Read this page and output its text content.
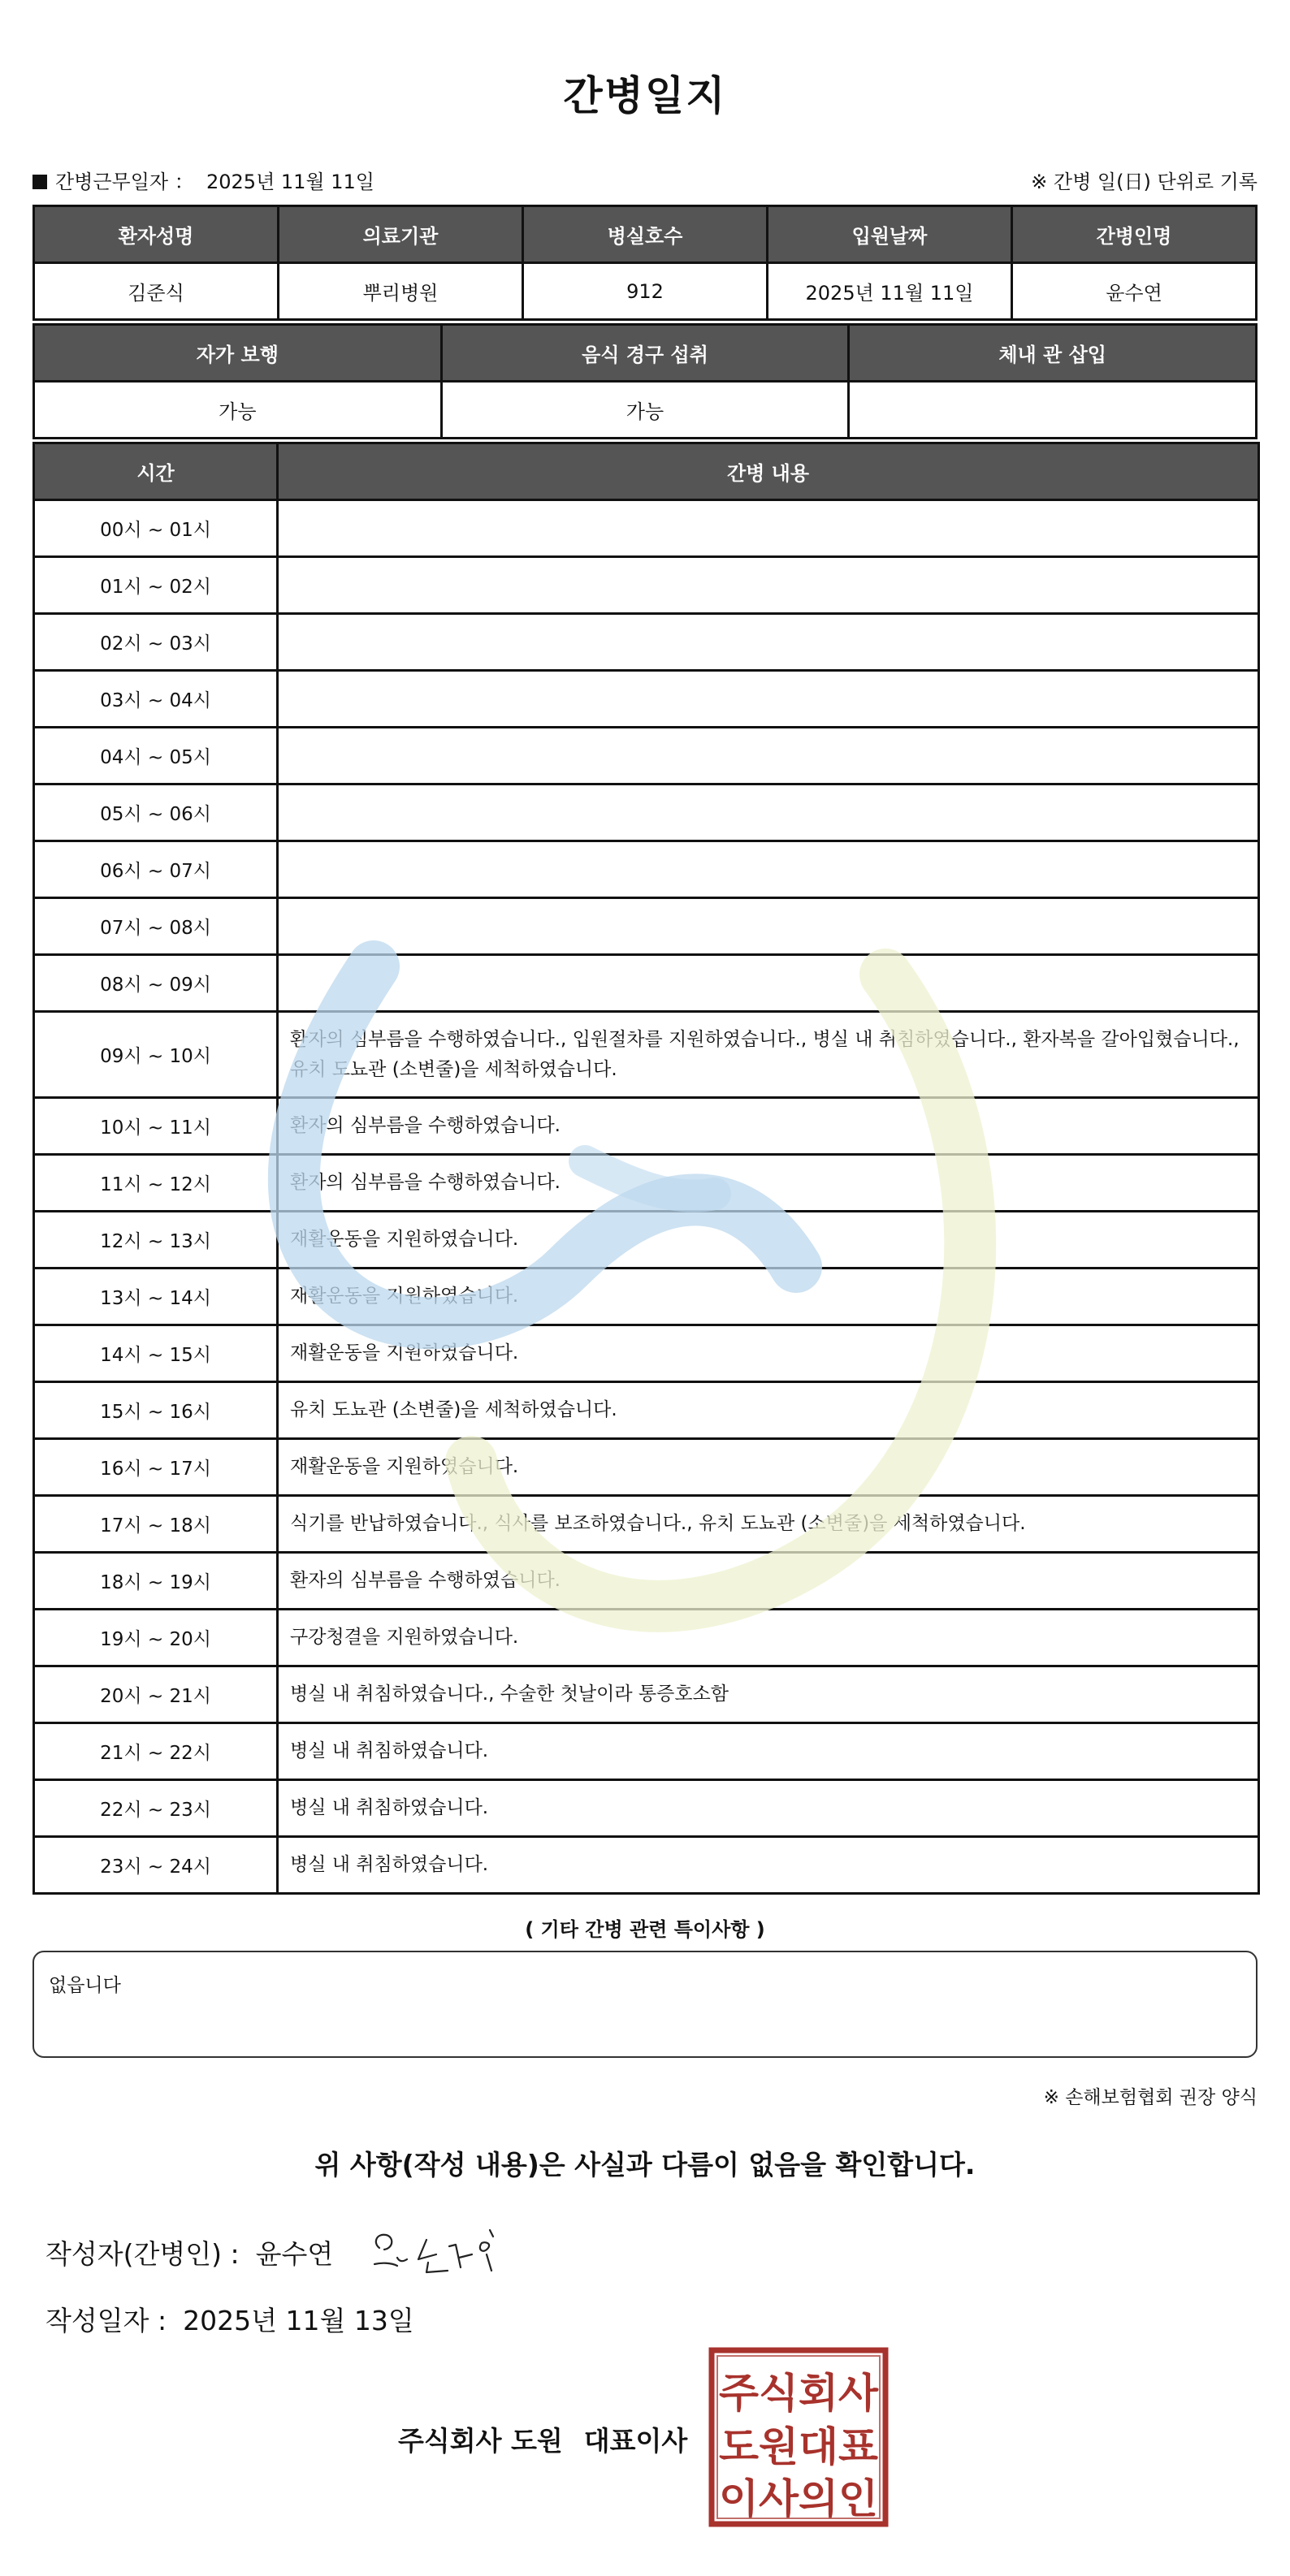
간병일지
간병근무일자 ： 2025년 11월 11일	※ 간병 일(日) 단위로 기록
환자성명	의료기관	병실호수	입원날짜	간병인명
김준식	뿌리병원	912	2025년 11월 11일	윤수연
자가 보행	음식 경구 섭취	체내 관 삽입
가능	가능	
시간	간병 내용
00시 ~ 01시	
01시 ~ 02시	
02시 ~ 03시	
03시 ~ 04시	
04시 ~ 05시	
05시 ~ 06시	
06시 ~ 07시	
07시 ~ 08시	
08시 ~ 09시	
09시 ~ 10시	환자의 심부름을 수행하였습니다., 입원절차를 지원하였습니다., 병실 내 취침하였습니다., 환자복을 갈아입혔습니다., 유치 도뇨관 (소변줄)을 세척하였습니다.
10시 ~ 11시	환자의 심부름을 수행하였습니다.
11시 ~ 12시	환자의 심부름을 수행하였습니다.
12시 ~ 13시	재활운동을 지원하였습니다.
13시 ~ 14시	재활운동을 지원하였습니다.
14시 ~ 15시	재활운동을 지원하였습니다.
15시 ~ 16시	유치 도뇨관 (소변줄)을 세척하였습니다.
16시 ~ 17시	재활운동을 지원하였습니다.
17시 ~ 18시	식기를 반납하였습니다., 식사를 보조하였습니다., 유치 도뇨관 (소변줄)을 세척하였습니다.
18시 ~ 19시	환자의 심부름을 수행하였습니다.
19시 ~ 20시	구강청결을 지원하였습니다.
20시 ~ 21시	병실 내 취침하였습니다., 수술한 첫날이라 통증호소함
21시 ~ 22시	병실 내 취침하였습니다.
22시 ~ 23시	병실 내 취침하였습니다.
23시 ~ 24시	병실 내 취침하였습니다.
( 기타 간병 관련 특이사항 )
없읍니다
※ 손해보험협회 권장 양식
위 사항(작성 내용)은 사실과 다름이 없음을 확인합니다.
작성자(간병인) : 윤수연
작성일자 : 2025년 11월 13일
주식회사 도원 대표이사
주식회사
도원대표
이사의인
